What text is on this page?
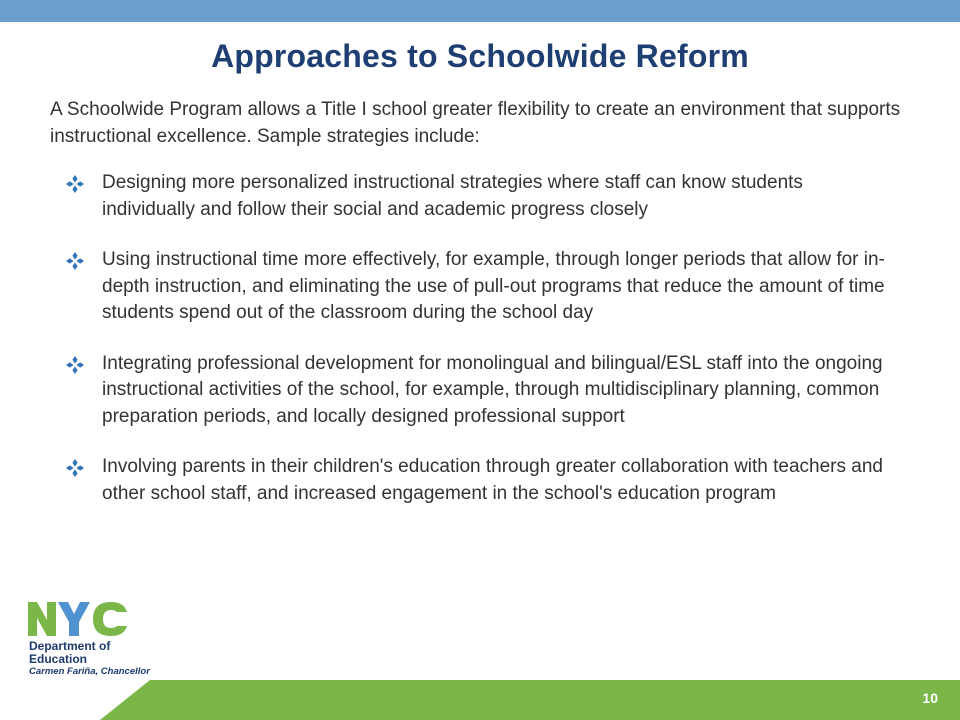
Approaches to Schoolwide Reform
A Schoolwide Program allows a Title I school greater flexibility to create an environment that supports instructional excellence. Sample strategies include:
Designing more personalized instructional strategies where staff can know students individually and follow their social and academic progress closely
Using instructional time more effectively, for example, through longer periods that allow for in-depth instruction, and eliminating the use of pull-out programs that reduce the amount of time students spend out of the classroom during the school day
Integrating professional development for monolingual and bilingual/ESL staff into the ongoing instructional activities of the school, for example, through multidisciplinary planning, common preparation periods, and locally designed professional support
Involving parents in their children's education through greater collaboration with teachers and other school staff, and increased engagement in the school's education program
Department of
Education
Carmen Fariña, Chancellor
10
